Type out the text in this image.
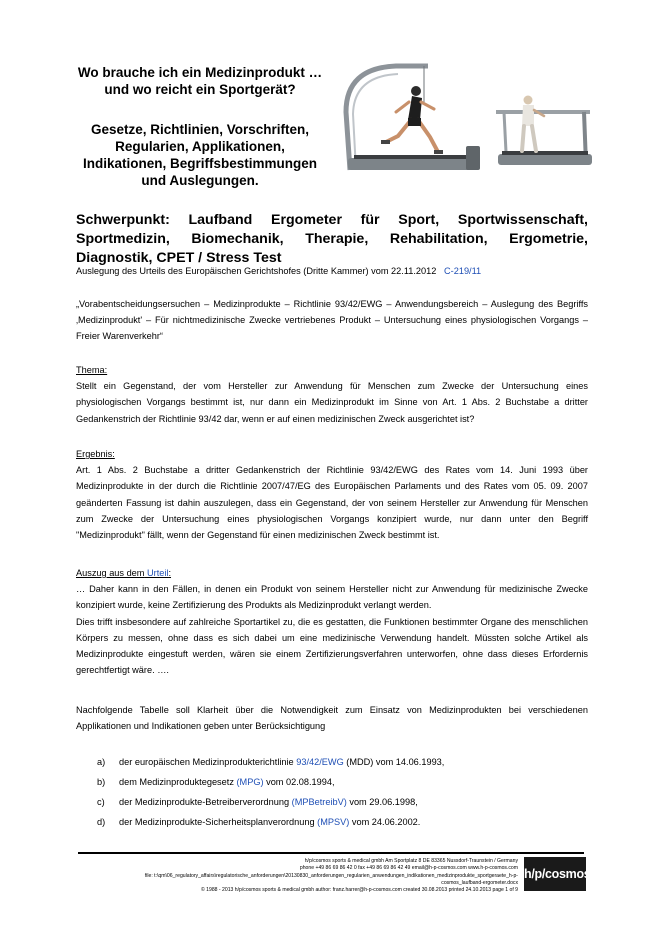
Wo brauche ich ein Medizinprodukt …
und wo reicht ein Sportgerät?
Gesetze, Richtlinien, Vorschriften,
Regularien, Applikationen,
Indikationen, Begriffsbestimmungen
und Auslegungen.
Schwerpunkt: Laufband Ergometer für Sport, Sportwissenschaft, Sportmedizin, Biomechanik, Therapie, Rehabilitation, Ergometrie, Diagnostik, CPET / Stress Test
Auslegung des Urteils des Europäischen Gerichtshofes (Dritte Kammer) vom 22.11.2012 C-219/11
„Vorabentscheidungsersuchen – Medizinprodukte – Richtlinie 93/42/EWG – Anwendungsbereich – Auslegung des Begriffs ‚Medizinprodukt' – Für nichtmedizinische Zwecke vertriebenes Produkt – Untersuchung eines physiologischen Vorgangs – Freier Warenverkehr“
Thema:
Stellt ein Gegenstand, der vom Hersteller zur Anwendung für Menschen zum Zwecke der Untersuchung eines physiologischen Vorgangs bestimmt ist, nur dann ein Medizinprodukt im Sinne von Art. 1 Abs. 2 Buchstabe a dritter Gedankenstrich der Richtlinie 93/42 dar, wenn er auf einen medizinischen Zweck ausgerichtet ist?
Ergebnis:
Art. 1 Abs. 2 Buchstabe a dritter Gedankenstrich der Richtlinie 93/42/EWG des Rates vom 14. Juni 1993 über Medizinprodukte in der durch die Richtlinie 2007/47/EG des Europäischen Parlaments und des Rates vom 05. 09. 2007 geänderten Fassung ist dahin auszulegen, dass ein Gegenstand, der von seinem Hersteller zur Anwendung für Menschen zum Zwecke der Untersuchung eines physiologischen Vorgangs konzipiert wurde, nur dann unter den Begriff "Medizinprodukt" fällt, wenn der Gegenstand für einen medizinischen Zweck bestimmt ist.
Auszug aus dem Urteil:
… Daher kann in den Fällen, in denen ein Produkt von seinem Hersteller nicht zur Anwendung für medizinische Zwecke konzipiert wurde, keine Zertifizierung des Produkts als Medizinprodukt verlangt werden.
Dies trifft insbesondere auf zahlreiche Sportartikel zu, die es gestatten, die Funktionen bestimmter Organe des menschlichen Körpers zu messen, ohne dass es sich dabei um eine medizinische Verwendung handelt. Müssten solche Artikel als Medizinprodukte eingestuft werden, wären sie einem Zertifizierungsverfahren unterworfen, ohne dass dieses Erfordernis gerechtfertigt wäre. ….
Nachfolgende Tabelle soll Klarheit über die Notwendigkeit zum Einsatz von Medizinprodukten bei verschiedenen Applikationen und Indikationen geben unter Berücksichtigung
a) der europäischen Medizinprodukterichtlinie 93/42/EWG (MDD) vom 14.06.1993,
b) dem Medizinproduktegesetz (MPG) vom 02.08.1994,
c) der Medizinprodukte-Betreiberverordnung (MPBetreibV) vom 29.06.1998,
d) der Medizinprodukte-Sicherheitsplanverordnung (MPSV) vom 24.06.2002.
h/p/cosmos sports & medical gmbh Am Sportplatz 8 DE 83365 Nussdorf-Traunstein / Germany
phone +49 86 69 86 42 0 fax +49 86 69 86 42 49 email@h-p-cosmos.com www.h-p-cosmos.com
file: t:\qm\06_regulatory_affairs\regulatorische_anforderungen\20130830_anforderungen_regularien_anwendungen_indikationen_medizinprodukte_sportgeraete_h-p-
cosmos_laufband-ergometer.docx
© 1988 - 2013 h/p/cosmos sports & medical gmbh author: franz.harrer@h-p-cosmos.com created 30.08.2013 printed 24.10.2013 page 1 of 9
h/p/cosmos
